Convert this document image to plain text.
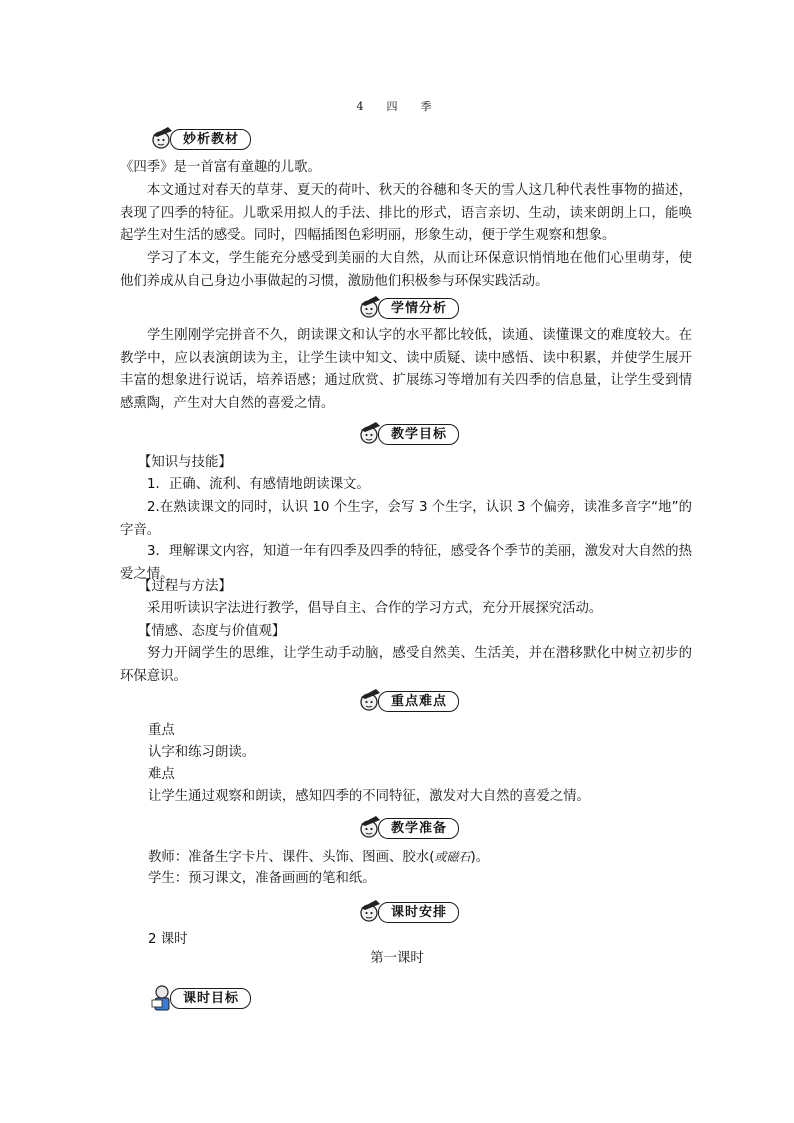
4　四　季
妙析教材

《四季》是一首富有童趣的儿歌。

本文通过对春天的草芽、夏天的荷叶、秋天的谷穗和冬天的雪人这几种代表性事物的描述，表现了四季的特征。儿歌采用拟人的手法、排比的形式，语言亲切、生动，读来朗朗上口，能唤起学生对生活的感受。同时，四幅插图色彩明丽，形象生动，便于学生观察和想象。

学习了本文，学生能充分感受到美丽的大自然，从而让环保意识悄悄地在他们心里萌芽，使他们养成从自己身边小事做起的习惯，激励他们积极参与环保实践活动。

学情分析

学生刚刚学完拼音不久，朗读课文和认字的水平都比较低，读通、读懂课文的难度较大。在教学中，应以表演朗读为主，让学生读中知文、读中质疑、读中感悟、读中积累，并使学生展开丰富的想象进行说话，培养语感；通过欣赏、扩展练习等增加有关四季的信息量，让学生受到情感熏陶，产生对大自然的喜爱之情。

教学目标
【知识与技能】

1．正确、流利、有感情地朗读课文。

2.在熟读课文的同时，认识 10 个生字，会写 3 个生字，认识 3 个偏旁，读准多音字“地”的字音。

3．理解课文内容，知道一年有四季及四季的特征，感受各个季节的美丽，激发对大自然的热爱之情。

【过程与方法】

采用听读识字法进行教学，倡导自主、合作的学习方式，充分开展探究活动。

【情感、态度与价值观】

努力开阔学生的思维，让学生动手动脑，感受自然美、生活美，并在潜移默化中树立初步的环保意识。

重点难点
重点
认字和练习朗读。
难点
让学生通过观察和朗读，感知四季的不同特征，激发对大自然的喜爱之情。
教学准备
教师：准备生字卡片、课件、头饰、图画、胶水(或磁石)。
学生：预习课文，准备画画的笔和纸。
课时安排
2 课时
第一课时
课时目标
